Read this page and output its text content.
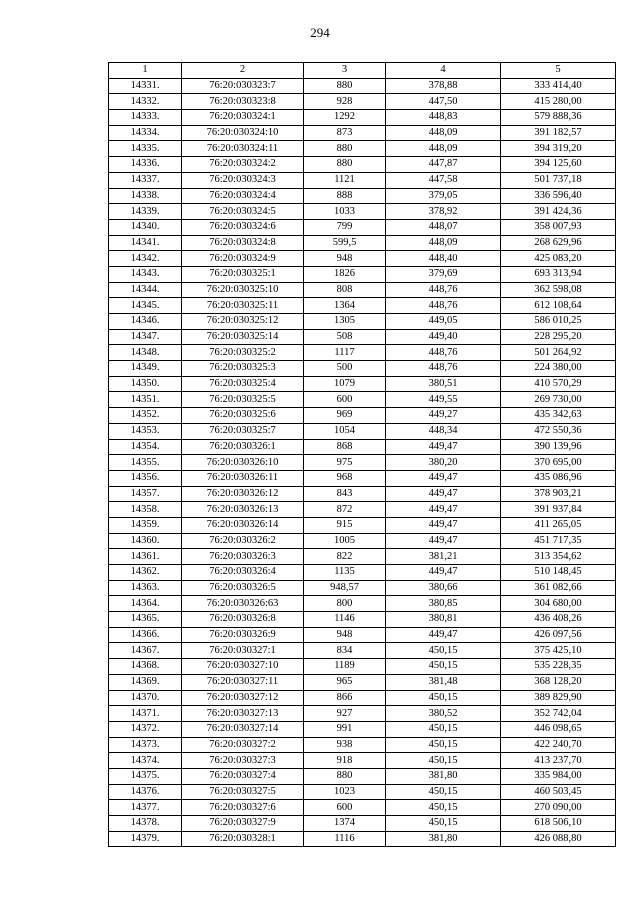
294
1	2	3	4	5
14331.	76:20:030323:7	880	378,88	333 414,40
14332.	76:20:030323:8	928	447,50	415 280,00
14333.	76:20:030324:1	1292	448,83	579 888,36
14334.	76:20:030324:10	873	448,09	391 182,57
14335.	76:20:030324:11	880	448,09	394 319,20
14336.	76:20:030324:2	880	447,87	394 125,60
14337.	76:20:030324:3	1121	447,58	501 737,18
14338.	76:20:030324:4	888	379,05	336 596,40
14339.	76:20:030324:5	1033	378,92	391 424,36
14340.	76:20:030324:6	799	448,07	358 007,93
14341.	76:20:030324:8	599,5	448,09	268 629,96
14342.	76:20:030324:9	948	448,40	425 083,20
14343.	76:20:030325:1	1826	379,69	693 313,94
14344.	76:20:030325:10	808	448,76	362 598,08
14345.	76:20:030325:11	1364	448,76	612 108,64
14346.	76:20:030325:12	1305	449,05	586 010,25
14347.	76:20:030325:14	508	449,40	228 295,20
14348.	76:20:030325:2	1117	448,76	501 264,92
14349.	76:20:030325:3	500	448,76	224 380,00
14350.	76:20:030325:4	1079	380,51	410 570,29
14351.	76:20:030325:5	600	449,55	269 730,00
14352.	76:20:030325:6	969	449,27	435 342,63
14353.	76:20:030325:7	1054	448,34	472 550,36
14354.	76:20:030326:1	868	449,47	390 139,96
14355.	76:20:030326:10	975	380,20	370 695,00
14356.	76:20:030326:11	968	449,47	435 086,96
14357.	76:20:030326:12	843	449,47	378 903,21
14358.	76:20:030326:13	872	449,47	391 937,84
14359.	76:20:030326:14	915	449,47	411 265,05
14360.	76:20:030326:2	1005	449,47	451 717,35
14361.	76:20:030326:3	822	381,21	313 354,62
14362.	76:20:030326:4	1135	449,47	510 148,45
14363.	76:20:030326:5	948,57	380,66	361 082,66
14364.	76:20:030326:63	800	380,85	304 680,00
14365.	76:20:030326:8	1146	380,81	436 408,26
14366.	76:20:030326:9	948	449,47	426 097,56
14367.	76:20:030327:1	834	450,15	375 425,10
14368.	76:20:030327:10	1189	450,15	535 228,35
14369.	76:20:030327:11	965	381,48	368 128,20
14370.	76:20:030327:12	866	450,15	389 829,90
14371.	76:20:030327:13	927	380,52	352 742,04
14372.	76:20:030327:14	991	450,15	446 098,65
14373.	76:20:030327:2	938	450,15	422 240,70
14374.	76:20:030327:3	918	450,15	413 237,70
14375.	76:20:030327:4	880	381,80	335 984,00
14376.	76:20:030327:5	1023	450,15	460 503,45
14377.	76:20:030327:6	600	450,15	270 090,00
14378.	76:20:030327:9	1374	450,15	618 506,10
14379.	76:20:030328:1	1116	381,80	426 088,80
